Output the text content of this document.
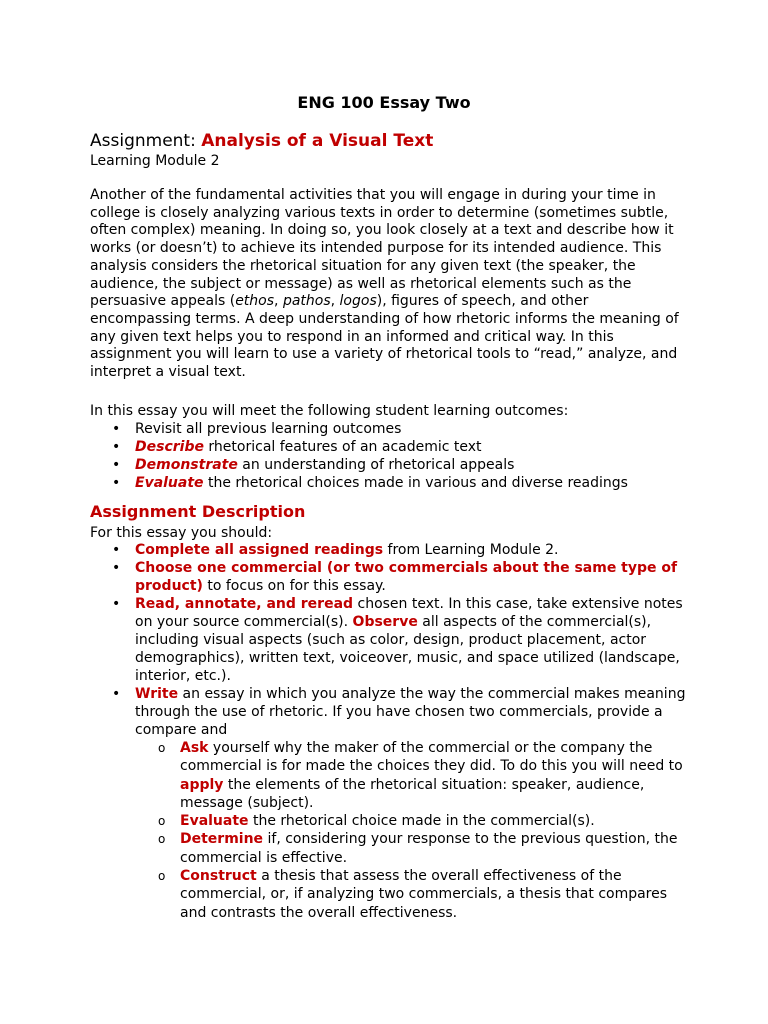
ENG 100 Essay Two
Assignment: Analysis of a Visual Text
Learning Module 2
Another of the fundamental activities that you will engage in during your time in college is closely analyzing various texts in order to determine (sometimes subtle, often complex) meaning. In doing so, you look closely at a text and describe how it works (or doesn’t) to achieve its intended purpose for its intended audience. This analysis considers the rhetorical situation for any given text (the speaker, the audience, the subject or message) as well as rhetorical elements such as the persuasive appeals (ethos, pathos, logos), figures of speech, and other encompassing terms. A deep understanding of how rhetoric informs the meaning of any given text helps you to respond in an informed and critical way. In this assignment you will learn to use a variety of rhetorical tools to “read,” analyze, and interpret a visual text.
In this essay you will meet the following student learning outcomes:
• Revisit all previous learning outcomes
• Describe rhetorical features of an academic text
• Demonstrate an understanding of rhetorical appeals
• Evaluate the rhetorical choices made in various and diverse readings
Assignment Description
For this essay you should:
• Complete all assigned readings from Learning Module 2.
• Choose one commercial (or two commercials about the same type of product) to focus on for this essay.
• Read, annotate, and reread chosen text. In this case, take extensive notes on your source commercial(s). Observe all aspects of the commercial(s), including visual aspects (such as color, design, product placement, actor demographics), written text, voiceover, music, and space utilized (landscape, interior, etc.).
• Write an essay in which you analyze the way the commercial makes meaning through the use of rhetoric. If you have chosen two commercials, provide a compare and
o Ask yourself why the maker of the commercial or the company the commercial is for made the choices they did. To do this you will need to apply the elements of the rhetorical situation: speaker, audience, message (subject).
o Evaluate the rhetorical choice made in the commercial(s).
o Determine if, considering your response to the previous question, the commercial is effective.
o Construct a thesis that assess the overall effectiveness of the commercial, or, if analyzing two commercials, a thesis that compares and contrasts the overall effectiveness.
